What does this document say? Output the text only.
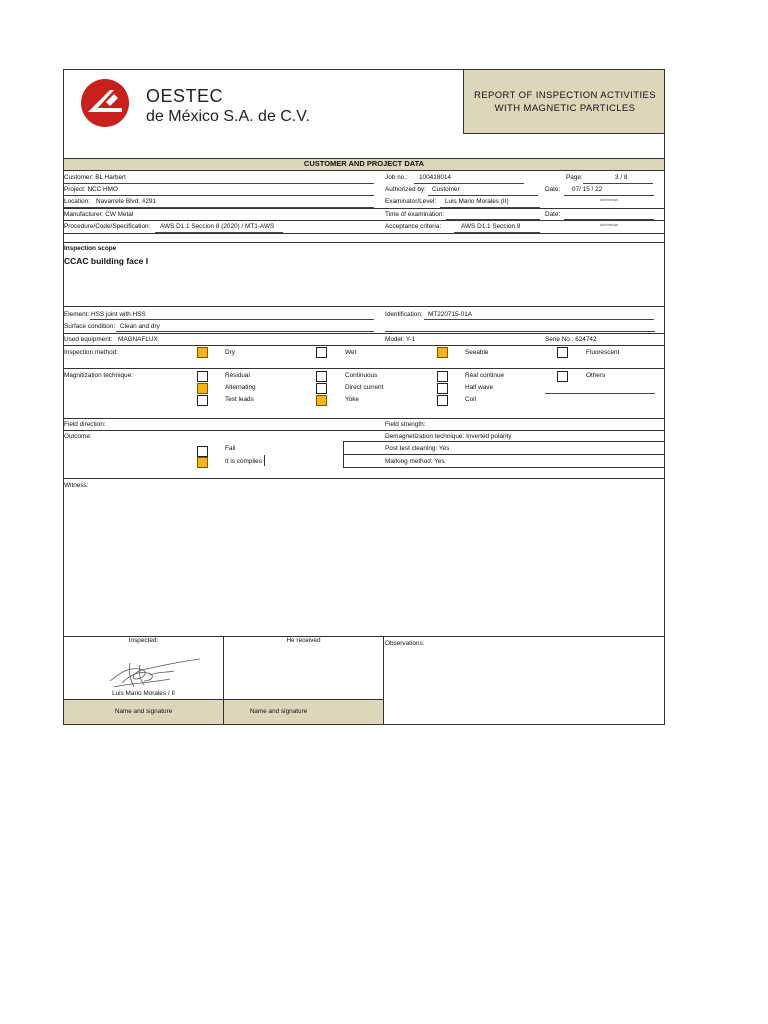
OESTEC
de México S.A. de C.V.
REPORT OF INSPECTION ACTIVITIES WITH MAGNETIC PARTICLES
CUSTOMER AND PROJECT DATA
Customer: BL Harbert	Job no.: 100418014	Page:	3 / 8
Project: NCC HMO	Authorized by: Customer	Date: 07/ 15 / 22
dd/mm/aa
Location: Navarrete Blvd. #291	Examinator/Level: Luis Mario Morales (II)
Manufacturer: CW Metal	Time of examination:	Date:
dd/mm/aa
Procedure/Code/Specification: AWS D1.1 Seccion 8 (2020) / MT1-AWS	Acceptance criteria:	AWS D1.1 Seccion 8
Inspection scope
CCAC building face I
Element: HSS joint with HSS	Identification: MT220715-01A
Surface condition: Clean and dry
Used equipment: MAGNAFLUX	Model: Y-1	Serie No.: 624742
Inspection method:	Dry	Wet	Seeable	Fluorescent
Magnitization technique:	Residual	Continuous	Real continue	Others
Alternating	Direct current	Half wave
Test leads	Yoke	Coil
Field direction:	Field strength:
Outcome:	Demagnetization technique: Inverted polarity
Fail	Post test cleaning: Yes
It is complies	Marking method: Yes
Witness:
Inspected:	He received	Observations:
Luis Mario Morales / II
Name and signature	Name and signature
